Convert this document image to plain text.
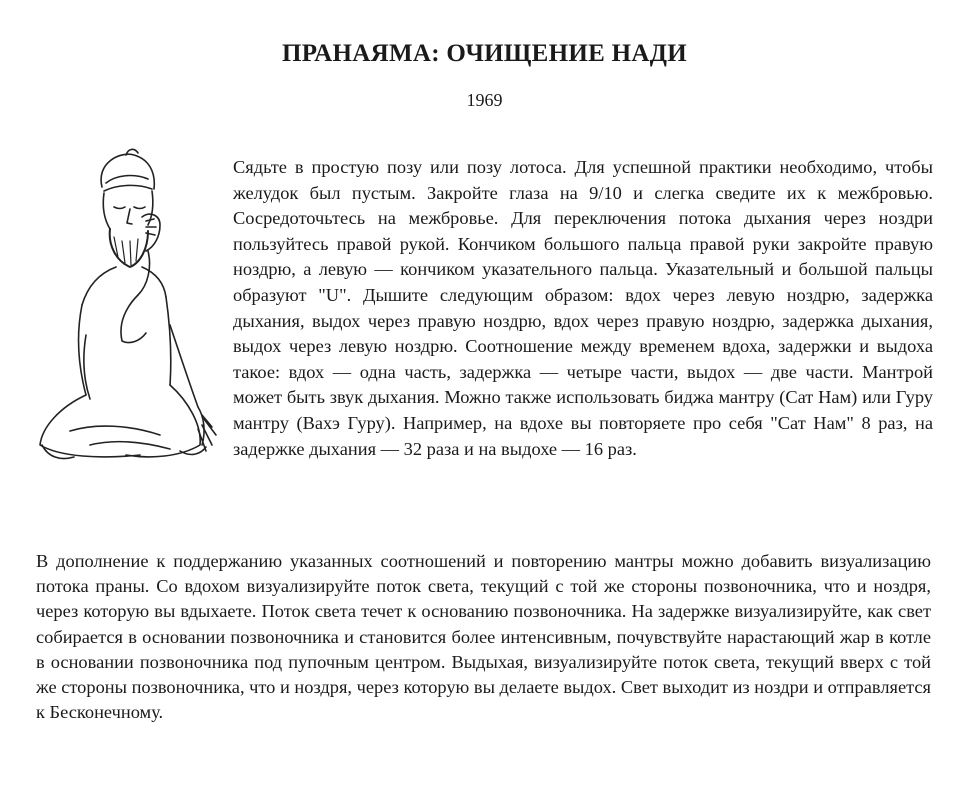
ПРАНАЯМА: ОЧИЩЕНИЕ НАДИ

1969

Сядьте в простую позу или позу лотоса. Для успешной практики необходимо, чтобы желудок был пустым. Закройте глаза на 9/10 и слегка сведите их к межбровью. Сосредоточьтесь на межбровье. Для переключения потока дыхания через ноздри пользуйтесь правой рукой. Кончиком большого пальца правой руки закройте правую ноздрю, а левую — кончиком указательного пальца. Указательный и большой пальцы образуют "U". Дышите следующим образом: вдох через левую ноздрю, задержка дыхания, выдох через правую ноздрю, вдох через правую ноздрю, задержка дыхания, выдох через левую ноздрю. Соотношение между временем вдоха, задержки и выдоха такое: вдох — одна часть, задержка — четыре части, выдох — две части. Мантрой может быть звук дыхания. Можно также использовать биджа мантру (Сат Нам) или Гуру мантру (Вахэ Гуру). Например, на вдохе вы повторяете про себя "Сат Нам" 8 раз, на задержке дыхания — 32 раза и на выдохе — 16 раз.

В дополнение к поддержанию указанных соотношений и повторению мантры можно добавить визуализацию потока праны. Со вдохом визуализируйте поток света, текущий с той же стороны позвоночника, что и ноздря, через которую вы вдыхаете. Поток света течет к основанию позвоночника. На задержке визуализируйте, как свет собирается в основании позвоночника и становится более интенсивным, почувствуйте нарастающий жар в котле в основании позвоночника под пупочным центром. Выдыхая, визуализируйте поток света, текущий вверх с той же стороны позвоночника, что и ноздря, через которую вы делаете выдох. Свет выходит из ноздри и отправляется к Бесконечному.
